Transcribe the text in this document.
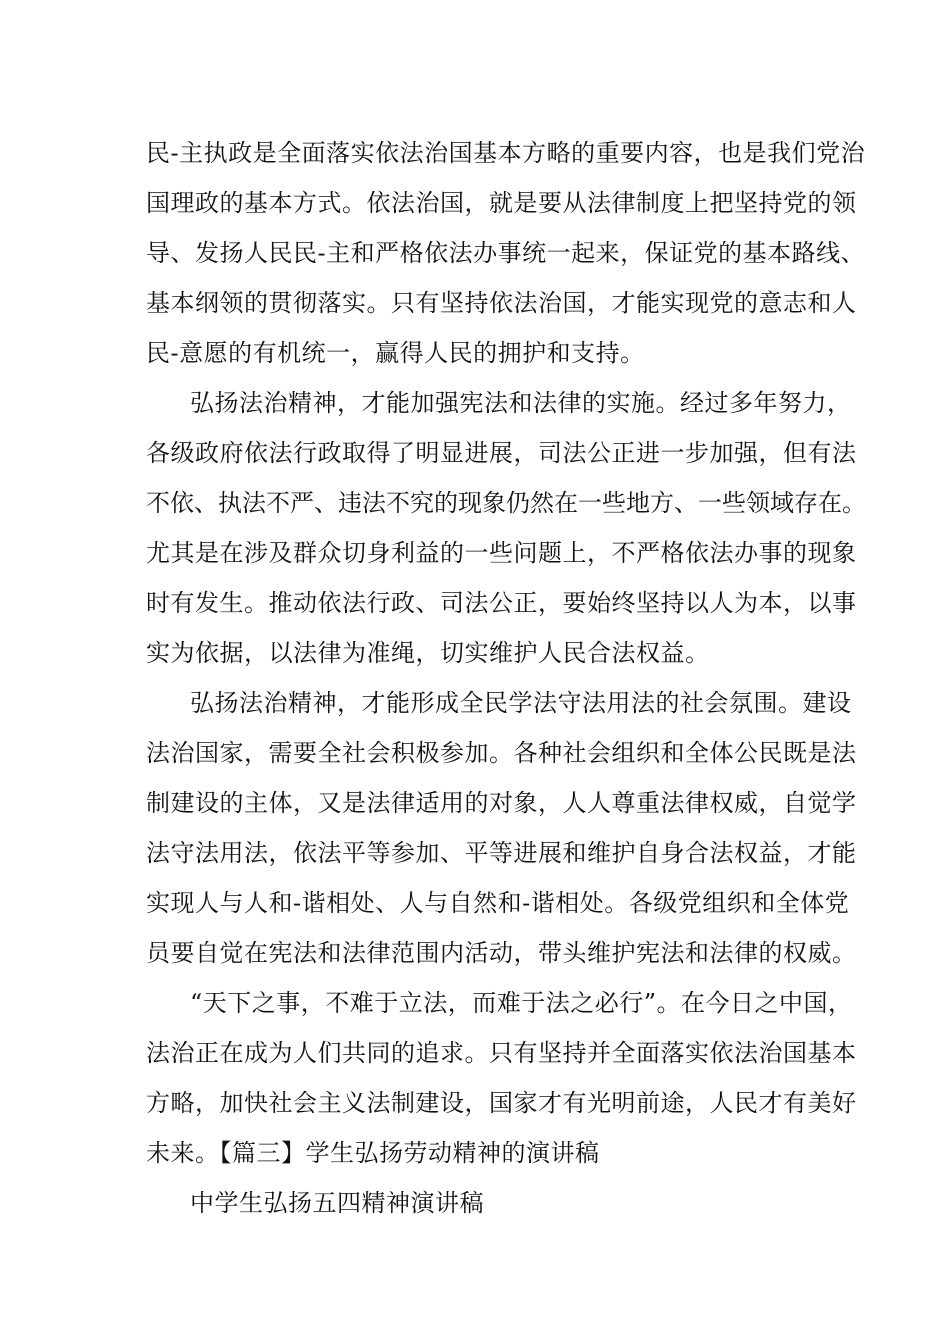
民-主执政是全面落实依法治国基本方略的重要内容，也是我们党治
国理政的基本方式。依法治国，就是要从法律制度上把坚持党的领
导、发扬人民民-主和严格依法办事统一起来，保证党的基本路线、
基本纲领的贯彻落实。只有坚持依法治国，才能实现党的意志和人
民-意愿的有机统一，赢得人民的拥护和支持。
弘扬法治精神，才能加强宪法和法律的实施。经过多年努力，
各级政府依法行政取得了明显进展，司法公正进一步加强，但有法
不依、执法不严、违法不究的现象仍然在一些地方、一些领域存在。
尤其是在涉及群众切身利益的一些问题上，不严格依法办事的现象
时有发生。推动依法行政、司法公正，要始终坚持以人为本，以事
实为依据，以法律为准绳，切实维护人民合法权益。
弘扬法治精神，才能形成全民学法守法用法的社会氛围。建设
法治国家，需要全社会积极参加。各种社会组织和全体公民既是法
制建设的主体，又是法律适用的对象，人人尊重法律权威，自觉学
法守法用法，依法平等参加、平等进展和维护自身合法权益，才能
实现人与人和-谐相处、人与自然和-谐相处。各级党组织和全体党
员要自觉在宪法和法律范围内活动，带头维护宪法和法律的权威。
“天下之事，不难于立法，而难于法之必行”。在今日之中国，
法治正在成为人们共同的追求。只有坚持并全面落实依法治国基本
方略，加快社会主义法制建设，国家才有光明前途，人民才有美好
未来。【篇三】学生弘扬劳动精神的演讲稿
中学生弘扬五四精神演讲稿
